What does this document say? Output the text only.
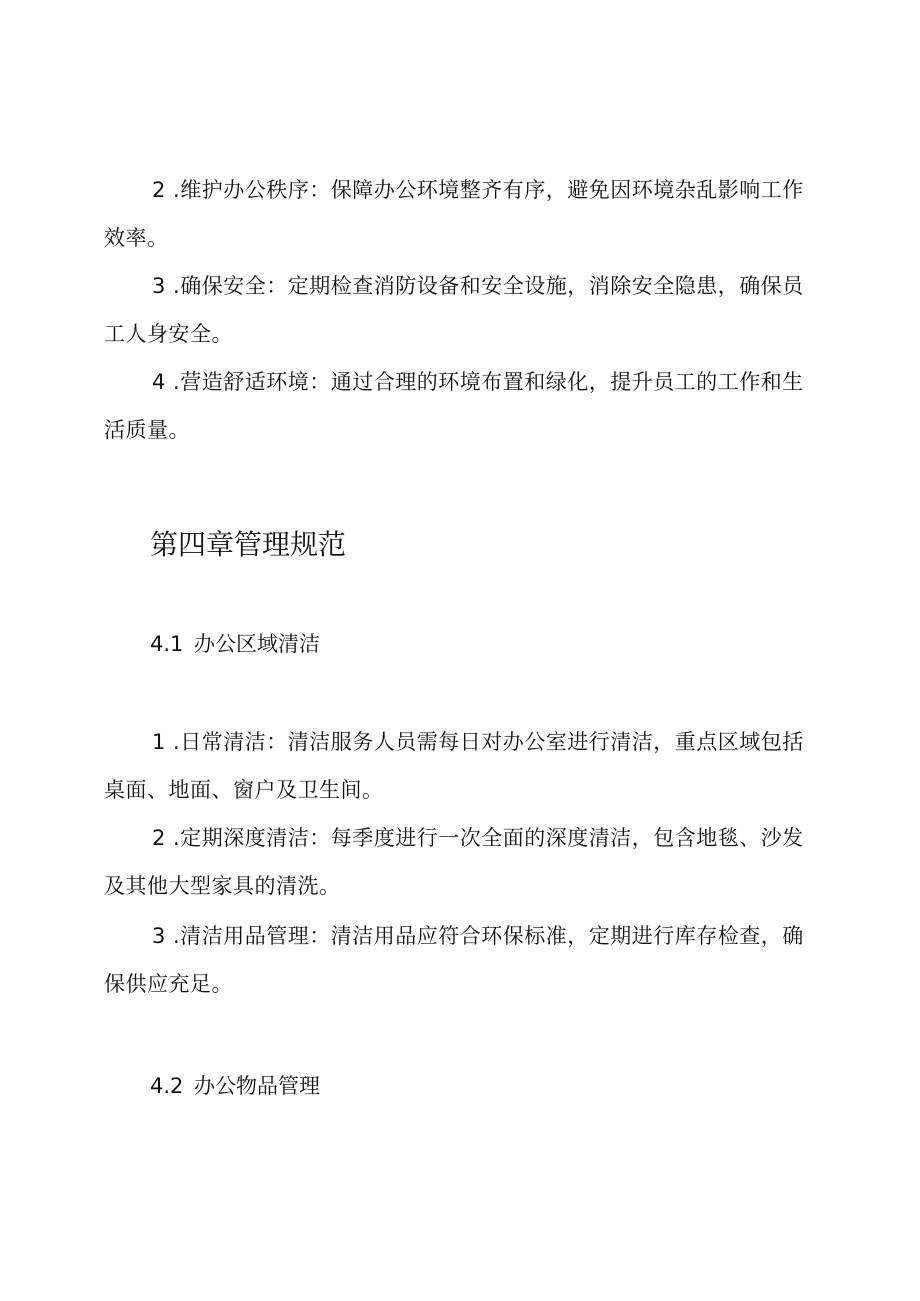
2 .维护办公秩序：保障办公环境整齐有序，避免因环境杂乱影响工作效率。

3 .确保安全：定期检查消防设备和安全设施，消除安全隐患，确保员工人身安全。

4 .营造舒适环境：通过合理的环境布置和绿化，提升员工的工作和生活质量。

第四章管理规范
4.1 办公区域清洁

1 .日常清洁：清洁服务人员需每日对办公室进行清洁，重点区域包括桌面、地面、窗户及卫生间。

2 .定期深度清洁：每季度进行一次全面的深度清洁，包含地毯、沙发及其他大型家具的清洗。

3 .清洁用品管理：清洁用品应符合环保标准，定期进行库存检查，确保供应充足。

4.2 办公物品管理
